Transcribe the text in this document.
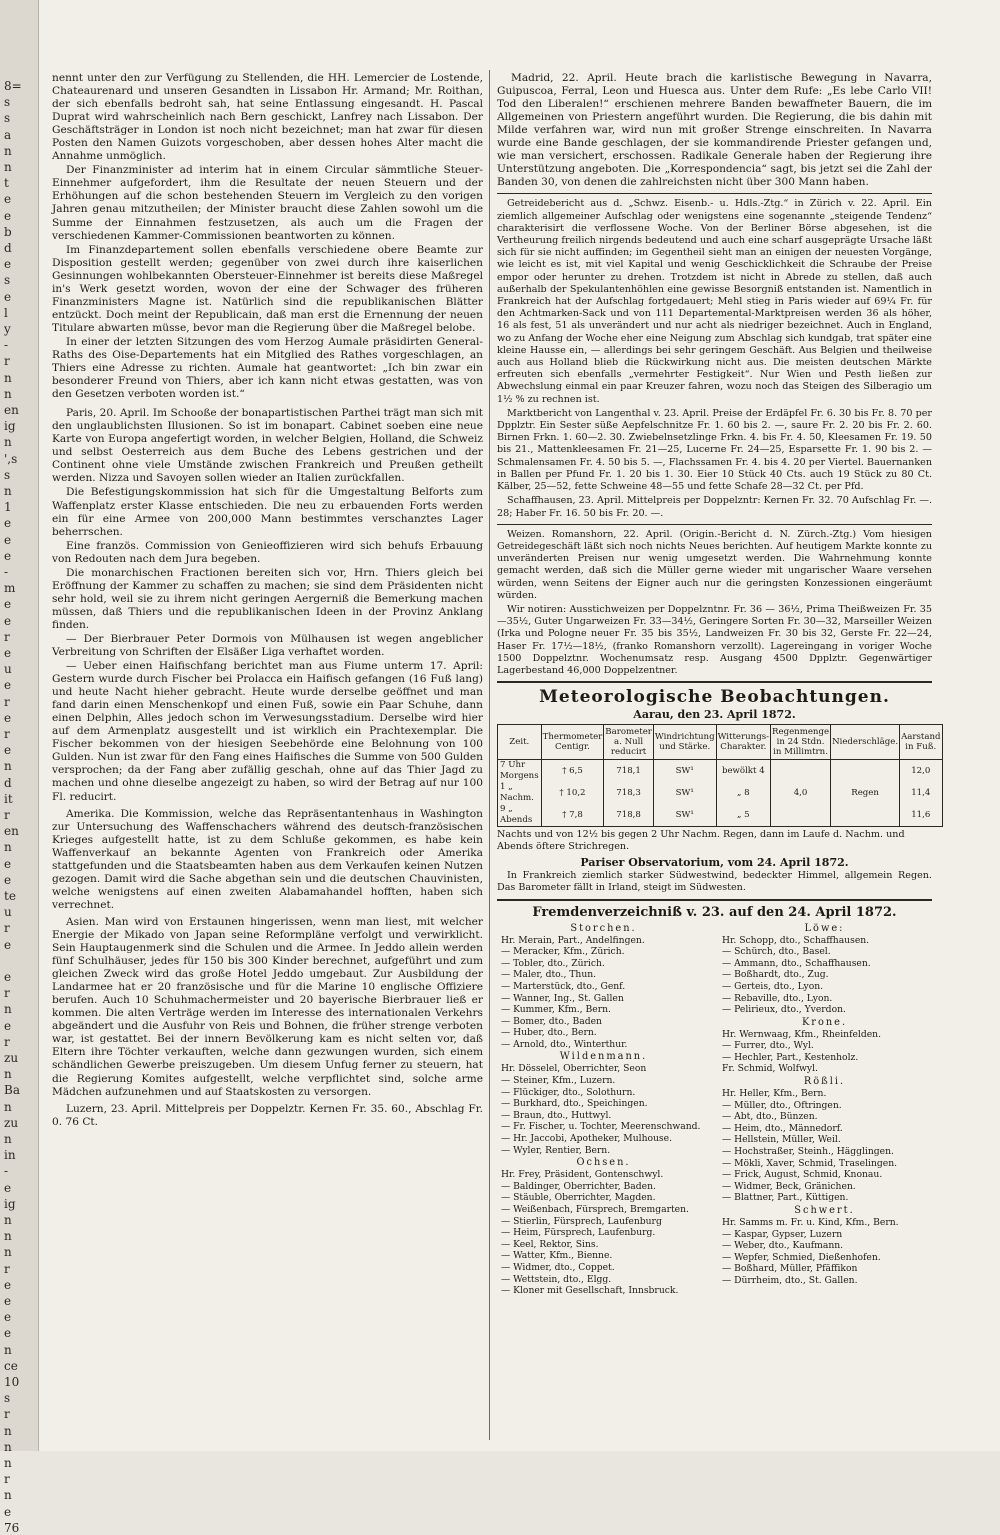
8=
s
s
a
n
n
t
e
e
b
d
e
s
e
l
y
-
r
n
n
en
ig
n
',s
s
n
1
e
e
e
-
m
e
e
r
e
u
e
r
e
r
e
n
d
it
r
en
n
e
e
te
u
r
e
e
r
n
e
r
zu
n
Ba
n
zu
n
in
-
e
ig
n
n
n
r
e
e
e
e
n
ce
10
s
r
n
n
n
r
n
e
76

nennt unter den zur Verfügung zu Stellenden, die HH. Lemercier de Lostende, Chateaurenard und unseren Gesandten in Lissabon Hr. Armand; Mr. Roithan, der sich ebenfalls bedroht sah, hat seine Entlassung eingesandt. H. Pascal Duprat wird wahrscheinlich nach Bern geschickt, Lanfrey nach Lissabon. Der Geschäftsträger in London ist noch nicht bezeichnet; man hat zwar für diesen Posten den Namen Guizots vorgeschoben, aber dessen hohes Alter macht die Annahme unmöglich.

Der Finanzminister ad interim hat in einem Circular sämmtliche Steuer-Einnehmer aufgefordert, ihm die Resultate der neuen Steuern und der Erhöhungen auf die schon bestehenden Steuern im Vergleich zu den vorigen Jahren genau mitzutheilen; der Minister braucht diese Zahlen sowohl um die Summe der Einnahmen festzusetzen, als auch um die Fragen der verschiedenen Kammer-Commissionen beantworten zu können.

Im Finanzdepartement sollen ebenfalls verschiedene obere Beamte zur Disposition gestellt werden; gegenüber von zwei durch ihre kaiserlichen Gesinnungen wohlbekannten Obersteuer-Einnehmer ist bereits diese Maßregel in's Werk gesetzt worden, wovon der eine der Schwager des früheren Finanzministers Magne ist. Natürlich sind die republikanischen Blätter entzückt. Doch meint der Republicain, daß man erst die Ernennung der neuen Titulare abwarten müsse, bevor man die Regierung über die Maßregel belobe.

In einer der letzten Sitzungen des vom Herzog Aumale präsidirten General-Raths des Oise-Departements hat ein Mitglied des Rathes vorgeschlagen, an Thiers eine Adresse zu richten. Aumale hat geantwortet: „Ich bin zwar ein besonderer Freund von Thiers, aber ich kann nicht etwas gestatten, was von den Gesetzen verboten worden ist.“

Paris, 20. April. Im Schooße der bonapartistischen Parthei trägt man sich mit den unglaublichsten Illusionen. So ist im bonapart. Cabinet soeben eine neue Karte von Europa angefertigt worden, in welcher Belgien, Holland, die Schweiz und selbst Oesterreich aus dem Buche des Lebens gestrichen und der Continent ohne viele Umstände zwischen Frankreich und Preußen getheilt werden. Nizza und Savoyen sollen wieder an Italien zurückfallen.

Die Befestigungskommission hat sich für die Umgestaltung Belforts zum Waffenplatz erster Klasse entschieden. Die neu zu erbauenden Forts werden ein für eine Armee von 200,000 Mann bestimmtes verschanztes Lager beherrschen.

Eine französ. Commission von Genieoffizieren wird sich behufs Erbauung von Redouten nach dem Jura begeben.

Die monarchischen Fractionen bereiten sich vor, Hrn. Thiers gleich bei Eröffnung der Kammer zu schaffen zu machen; sie sind dem Präsidenten nicht sehr hold, weil sie zu ihrem nicht geringen Aergerniß die Bemerkung machen müssen, daß Thiers und die republikanischen Ideen in der Provinz Anklang finden.

— Der Bierbrauer Peter Dormois von Mülhausen ist wegen angeblicher Verbreitung von Schriften der Elsäßer Liga verhaftet worden.

— Ueber einen Haifischfang berichtet man aus Fiume unterm 17. April: Gestern wurde durch Fischer bei Prolacca ein Haifisch gefangen (16 Fuß lang) und heute Nacht hieher gebracht. Heute wurde derselbe geöffnet und man fand darin einen Menschenkopf und einen Fuß, sowie ein Paar Schuhe, dann einen Delphin, Alles jedoch schon im Verwesungsstadium. Derselbe wird hier auf dem Armenplatz ausgestellt und ist wirklich ein Prachtexemplar. Die Fischer bekommen von der hiesigen Seebehörde eine Belohnung von 100 Gulden. Nun ist zwar für den Fang eines Haifisches die Summe von 500 Gulden versprochen; da der Fang aber zufällig geschah, ohne auf das Thier Jagd zu machen und ohne dieselbe angezeigt zu haben, so wird der Betrag auf nur 100 Fl. reducirt.

Amerika. Die Kommission, welche das Repräsentantenhaus in Washington zur Untersuchung des Waffenschachers während des deutsch-französischen Krieges aufgestellt hatte, ist zu dem Schluße gekommen, es habe kein Waffenverkauf an bekannte Agenten von Frankreich oder Amerika stattgefunden und die Staatsbeamten haben aus dem Verkaufen keinen Nutzen gezogen. Damit wird die Sache abgethan sein und die deutschen Chauvinisten, welche wenigstens auf einen zweiten Alabamahandel hofften, haben sich verrechnet.

Asien. Man wird von Erstaunen hingerissen, wenn man liest, mit welcher Energie der Mikado von Japan seine Reformpläne verfolgt und verwirklicht. Sein Hauptaugenmerk sind die Schulen und die Armee. In Jeddo allein werden fünf Schulhäuser, jedes für 150 bis 300 Kinder berechnet, aufgeführt und zum gleichen Zweck wird das große Hotel Jeddo umgebaut. Zur Ausbildung der Landarmee hat er 20 französische und für die Marine 10 englische Offiziere berufen. Auch 10 Schuhmachermeister und 20 bayerische Bierbrauer ließ er kommen. Die alten Verträge werden im Interesse des internationalen Verkehrs abgeändert und die Ausfuhr von Reis und Bohnen, die früher strenge verboten war, ist gestattet. Bei der innern Bevölkerung kam es nicht selten vor, daß Eltern ihre Töchter verkauften, welche dann gezwungen wurden, sich einem schändlichen Gewerbe preiszugeben. Um diesem Unfug ferner zu steuern, hat die Regierung Komites aufgestellt, welche verpflichtet sind, solche arme Mädchen aufzunehmen und auf Staatskosten zu versorgen.

Luzern, 23. April. Mittelpreis per Doppelztr. Kernen Fr. 35. 60., Abschlag Fr. 0. 76 Ct.

Madrid, 22. April. Heute brach die karlistische Bewegung in Navarra, Guipuscoa, Ferral, Leon und Huesca aus. Unter dem Rufe: „Es lebe Carlo VII! Tod den Liberalen!“ erschienen mehrere Banden bewaffneter Bauern, die im Allgemeinen von Priestern angeführt wurden. Die Regierung, die bis dahin mit Milde verfahren war, wird nun mit großer Strenge einschreiten. In Navarra wurde eine Bande geschlagen, der sie kommandirende Priester gefangen und, wie man versichert, erschossen. Radikale Generale haben der Regierung ihre Unterstützung angeboten. Die „Korrespondencia“ sagt, bis jetzt sei die Zahl der Banden 30, von denen die zahlreichsten nicht über 300 Mann haben.

Getreidebericht aus d. „Schwz. Eisenb.- u. Hdls.-Ztg.“ in Zürich v. 22. April. Ein ziemlich allgemeiner Aufschlag oder wenigstens eine sogenannte „steigende Tendenz“ charakterisirt die verflossene Woche. Von der Berliner Börse abgesehen, ist die Vertheurung freilich nirgends bedeutend und auch eine scharf ausgeprägte Ursache läßt sich für sie nicht auffinden; im Gegentheil sieht man an einigen der neuesten Vorgänge, wie leicht es ist, mit viel Kapital und wenig Geschicklichkeit die Schraube der Preise empor oder herunter zu drehen. Trotzdem ist nicht in Abrede zu stellen, daß auch außerhalb der Spekulantenhöhlen eine gewisse Besorgniß entstanden ist. Namentlich in Frankreich hat der Aufschlag fortgedauert; Mehl stieg in Paris wieder auf 69¼ Fr. für den Achtmarken-Sack und von 111 Departemental-Marktpreisen werden 36 als höher, 16 als fest, 51 als unverändert und nur acht als niedriger bezeichnet. Auch in England, wo zu Anfang der Woche eher eine Neigung zum Abschlag sich kundgab, trat später eine kleine Hausse ein, — allerdings bei sehr geringem Geschäft. Aus Belgien und theilweise auch aus Holland blieb die Rückwirkung nicht aus. Die meisten deutschen Märkte erfreuten sich ebenfalls „vermehrter Festigkeit“. Nur Wien und Pesth ließen zur Abwechslung einmal ein paar Kreuzer fahren, wozu noch das Steigen des Silberagio um 1½ % zu rechnen ist.

Marktbericht von Langenthal v. 23. April. Preise der Erdäpfel Fr. 6. 30 bis Fr. 8. 70 per Dpplztr. Ein Sester süße Aepfelschnitze Fr. 1. 60 bis 2. —, saure Fr. 2. 20 bis Fr. 2. 60. Birnen Frkn. 1. 60—2. 30. Zwiebelnsetzlinge Frkn. 4. bis Fr. 4. 50, Kleesamen Fr. 19. 50 bis 21., Mattenkleesamen Fr. 21—25, Lucerne Fr. 24—25, Esparsette Fr. 1. 90 bis 2. — Schmalensamen Fr. 4. 50 bis 5. —, Flachssamen Fr. 4. bis 4. 20 per Viertel. Bauernanken in Ballen per Pfund Fr. 1. 20 bis 1. 30. Eier 10 Stück 40 Cts. auch 19 Stück zu 80 Ct. Kälber, 25—52, fette Schweine 48—55 und fette Schafe 28—32 Ct. per Pfd.

Schaffhausen, 23. April. Mittelpreis per Doppelzntr: Kernen Fr. 32. 70 Aufschlag Fr. —. 28; Haber Fr. 16. 50 bis Fr. 20. —.

Weizen. Romanshorn, 22. April. (Origin.-Bericht d. N. Zürch.-Ztg.) Vom hiesigen Getreidegeschäft läßt sich noch nichts Neues berichten. Auf heutigem Markte konnte zu unveränderten Preisen nur wenig umgesetzt werden. Die Wahrnehmung konnte gemacht werden, daß sich die Müller gerne wieder mit ungarischer Waare versehen würden, wenn Seitens der Eigner auch nur die geringsten Konzessionen eingeräumt würden.

Wir notiren: Ausstichweizen per Doppelzntnr. Fr. 36 — 36½, Prima Theißweizen Fr. 35—35½, Guter Ungarweizen Fr. 33—34½, Geringere Sorten Fr. 30—32, Marseiller Weizen (Irka und Pologne neuer Fr. 35 bis 35½, Landweizen Fr. 30 bis 32, Gerste Fr. 22—24, Haser Fr. 17½—18½, (franko Romanshorn verzollt). Lagereingang in voriger Woche 1500 Doppelztnr. Wochenumsatz resp. Ausgang 4500 Dpplztr. Gegenwärtiger Lagerbestand 46,000 Doppelzentner.

Meteorologische Beobachtungen.
Aarau, den 23. April 1872.
Zeit.	Thermometer Centigr.	Barometer a. Null reducirt	Windrichtung und Stärke.	Witterungs-Charakter.	Regenmenge in 24 Stdn. in Millimtrn.	Niederschläge.	Aarstand in Fuß.
7 Uhr Morgens	† 6,5	718,1	SW¹	bewölkt 4			12,0
1 „ Nachm.	† 10,2	718,3	SW¹	„ 8	4,0	Regen	11,4
9 „ Abends	† 7,8	718,8	SW¹	„ 5			11,6

Nachts und von 12½ bis gegen 2 Uhr Nachm. Regen, dann im Laufe d. Nachm. und Abends öftere Strichregen.

Pariser Observatorium, vom 24. April 1872.

In Frankreich ziemlich starker Südwestwind, bedeckter Himmel, allgemein Regen. Das Barometer fällt in Irland, steigt im Südwesten.

Fremdenverzeichniß v. 23. auf den 24. April 1872.
Storchen.
Hr. Merain, Part., Andelfingen.
— Meracker, Kfm., Zürich.
— Tobler, dto., Zürich.
— Maler, dto., Thun.
— Marterstück, dto., Genf.
— Wanner, Ing., St. Gallen
— Kummer, Kfm., Bern.
— Bomer, dto., Baden
— Huber, dto., Bern.
— Arnold, dto., Winterthur.
Wildenmann.
Hr. Dösselel, Oberrichter, Seon
— Steiner, Kfm., Luzern.
— Flückiger, dto., Solothurn.
— Burkhard, dto., Speichingen.
— Braun, dto., Huttwyl.
— Fr. Fischer, u. Tochter, Meerenschwand.
— Hr. Jaccobi, Apotheker, Mulhouse.
— Wyler, Rentier, Bern.
Ochsen.
Hr. Frey, Präsident, Gontenschwyl.
— Baldinger, Oberrichter, Baden.
— Stäuble, Oberrichter, Magden.
— Weißenbach, Fürsprech, Bremgarten.
— Stierlin, Fürsprech, Laufenburg
— Heim, Fürsprech, Laufenburg.
— Keel, Rektor, Sins.
— Watter, Kfm., Bienne.
— Widmer, dto., Coppet.
— Wettstein, dto., Elgg.
— Kloner mit Gesellschaft, Innsbruck.
Löwe:
Hr. Schopp, dto., Schaffhausen.
— Schürch, dto., Basel.
— Ammann, dto., Schaffhausen.
— Boßhardt, dto., Zug.
— Gerteis, dto., Lyon.
— Rebaville, dto., Lyon.
— Pelirieux, dto., Yverdon.
Krone.
Hr. Wernwaag, Kfm., Rheinfelden.
— Furrer, dto., Wyl.
— Hechler, Part., Kestenholz.
Fr. Schmid, Wolfwyl.
Rößli.
Hr. Heller, Kfm., Bern.
— Müller, dto., Oftringen.
— Abt, dto., Bünzen.
— Heim, dto., Männedorf.
— Hellstein, Müller, Weil.
— Hochstraßer, Steinh., Hägglingen.
— Mökli, Xaver, Schmid, Traselingen.
— Frick, August, Schmid, Knonau.
— Widmer, Beck, Gränichen.
— Blattner, Part., Küttigen.
Schwert.
Hr. Samms m. Fr. u. Kind, Kfm., Bern.
— Kaspar, Gypser, Luzern
— Weber, dto., Kaufmann.
— Wepfer, Schmied, Dießenhofen.
— Boßhard, Müller, Pfäffikon
— Dürrheim, dto., St. Gallen.
